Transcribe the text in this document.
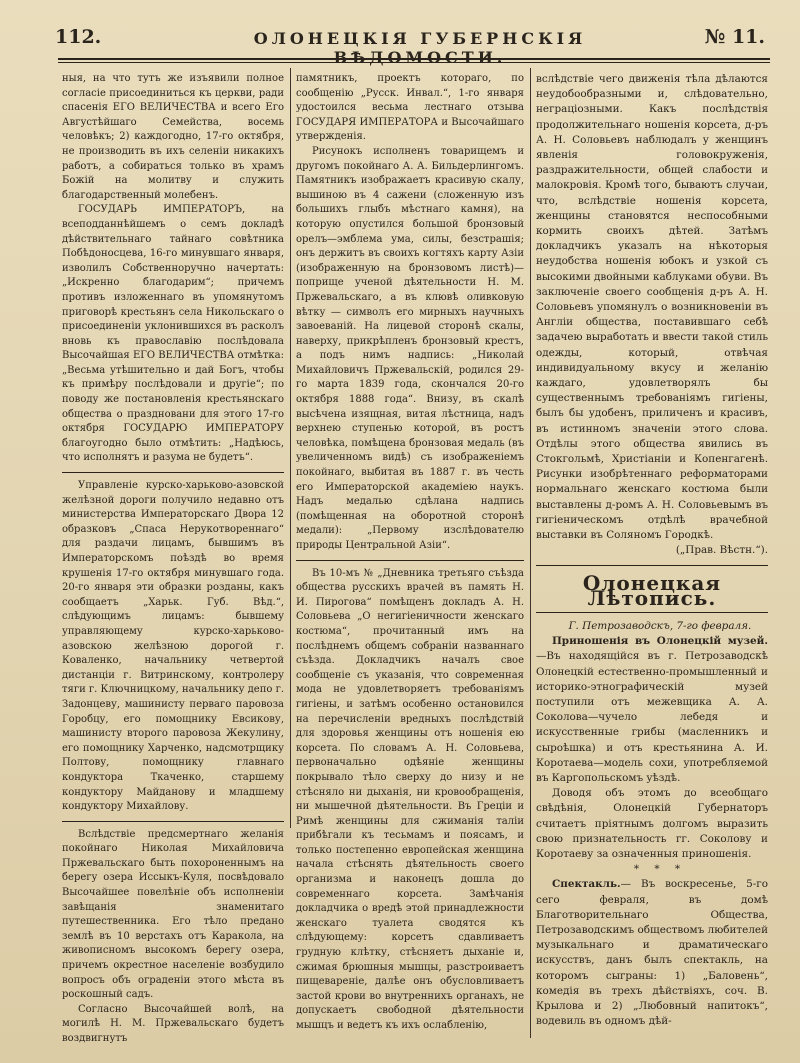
112.	ОЛОНЕЦКІЯ ГУБЕРНСКІЯ ВѢДОМОСТИ.
№ 11.

ныя, на что тутъ же изъявили полное согласіе присоединиться къ церкви, ради спасенія ЕГО ВЕЛИЧЕСТВА и всего Его Августѣйшаго Семейства, восемь человѣкъ; 2) каждогодно, 17-го октября, не производить въ ихъ селеніи никакихъ работъ, а собираться только въ храмъ Божій на молитву и служить благодарственный молебенъ.

ГОСУДАРЬ ИМПЕРАТОРЪ, на всеподданнѣйшемъ о семъ докладѣ дѣйствительнаго тайнаго совѣтника Побѣдоносцева, 16-го минувшаго января, изволилъ Собственноручно начертать: „Искренно благодарим“; причемъ противъ изложеннаго въ упомянутомъ приговорѣ крестьянъ села Никольскаго о присоединеніи уклонившихся въ расколъ вновь къ православію послѣдовала Высочайшая ЕГО ВЕЛИЧЕСТВА отмѣтка: „Весьма утѣшительно и дай Богъ, чтобы къ примѣру послѣдовали и другіе“; по поводу же постановленія крестьянскаго общества о праздновани для этого 17-го октября ГОСУДАРЮ ИМПЕРАТОРУ благоугодно было отмѣтить: „Надѣюсь, что исполнятъ и разума не будетъ“.

Управленіе курско-харьково-азовской желѣзной дороги получило недавно отъ министерства Императорскаго Двора 12 образковъ „Спаса Нерукотвореннаго“ для раздачи лицамъ, бывшимъ въ Императорскомъ поѣздѣ во время крушенія 17-го октября минувшаго года. 20-го января эти образки розданы, какъ сообщаетъ „Харьк. Губ. Вѣд.“, слѣдующимъ лицамъ: бывшему управляющему курско-харьково-азовскою желѣзною дорогой г. Коваленко, начальнику четвертой дистанціи г. Витринскому, контролеру тяги г. Ключницкому, начальнику депо г. Задонцеву, машинисту перваго паровоза Горобцу, его помощнику Евсикову, машинисту второго паровоза Жекулину, его помощнику Харченко, надсмотрщику Полтову, помощнику главнаго кондуктора Ткаченко, старшему кондуктору Майданову и младшему кондуктору Михайлову.

Вслѣдствіе предсмертнаго желанія покойнаго Николая Михайловича Пржевальскаго быть похороненнымъ на берегу озера Иссыкъ-Куля, посвѣдовало Высочайшее повелѣніе объ исполненіи завѣщанія знаменитаго путешественника. Его тѣло предано землѣ въ 10 верстахъ отъ Каракола, на живописномъ высокомъ берегу озера, причемъ окрестное населеніе возбудило вопросъ объ ограденіи этого мѣста въ роскошный садъ.

Согласно Высочайшей волѣ, на могилѣ Н. М. Пржевальскаго будетъ воздвигнутъ

памятникъ, проектъ котораго, по сообщенію „Русск. Инвал.“, 1-го января удостоился весьма лестнаго отзыва ГОСУДАРЯ ИМПЕРАТОРА и Высочайшаго утвержденія.

Рисунокъ исполненъ товарищемъ и другомъ покойнаго А. А. Бильдерлингомъ. Памятникъ изображаетъ красивую скалу, вышиною въ 4 сажени (сложенную изъ большихъ глыбъ мѣстнаго камня), на которую опустился большой бронзовый орелъ—эмблема ума, силы, безстрашія; онъ держитъ въ своихъ когтяхъ карту Азіи (изображенную на бронзовомъ листѣ)—поприще ученой дѣятельности Н. М. Пржевальскаго, а въ клювѣ оливковую вѣтку — символъ его мирныхъ научныхъ завоеваній. На лицевой сторонѣ скалы, наверху, прикрѣпленъ бронзовый крестъ, а подъ нимъ надпись: „Николай Михайловичъ Пржевальскій, родился 29-го марта 1839 года, скончался 20-го октября 1888 года“. Внизу, въ скалѣ высѣчена изящная, витая лѣстница, надъ верхнею ступенью которой, въ ростъ человѣка, помѣщена бронзовая медаль (въ увеличенномъ видѣ) съ изображеніемъ покойнаго, выбитая въ 1887 г. въ честь его Императорской академіею наукъ. Надъ медалью сдѣлана надпись (помѣщенная на оборотной сторонѣ медали): „Первому изслѣдователю природы Центральной Азіи“.

Въ 10-мъ № „Дневника третьяго съѣзда общества русскихъ врачей въ память Н. И. Пирогова“ помѣщенъ докладъ А. Н. Соловьева „О негигіеничности женскаго костюма“, прочитанный имъ на послѣднемъ общемъ собраніи названнаго съѣзда. Докладчикъ началъ свое сообщеніе съ указанія, что современная мода не удовлетворяетъ требованіямъ гигіены, и затѣмъ особенно остановился на перечисленіи вредныхъ послѣдствій для здоровья женщины отъ ношенія ею корсета. По словамъ А. Н. Соловьева, первоначально одѣяніе женщины покрывало тѣло сверху до низу и не стѣсняло ни дыханія, ни кровообращенія, ни мышечной дѣятельности. Въ Греціи и Римѣ женщины для сжиманія таліи прибѣгали къ тесьмамъ и поясамъ, и только постепенно европейская женщина начала стѣснять дѣятельность своего организма и наконецъ дошла до современнаго корсета. Замѣчанія докладчика о вредѣ этой принадлежности женскаго туалета сводятся къ слѣдующему: корсетъ сдавливаетъ грудную клѣтку, стѣсняетъ дыханіе и, сжимая брюшныя мышцы, разстроиваетъ пищевареніе, далѣе онъ обусловливаетъ застой крови во внутреннихъ органахъ, не допускаетъ свободной дѣятельности мышцъ и ведетъ къ ихъ ослабленію,

вслѣдствіе чего движенія тѣла дѣлаются неудобообразными и, слѣдовательно, неграціозными. Какъ послѣдствія продолжительнаго ношенія корсета, д-ръ А. Н. Соловьевъ наблюдалъ у женщинъ явленія головокруженія, раздражительности, общей слабости и малокровія. Кромѣ того, бываютъ случаи, что, вслѣдствіе ношенія корсета, женщины становятся неспособными кормить своихъ дѣтей. Затѣмъ докладчикъ указалъ на нѣкоторыя неудобства ношенія юбокъ и узкой съ высокими двойными каблуками обуви. Въ заключеніе своего сообщенія д-ръ А. Н. Соловьевъ упомянулъ о возникновеніи въ Англіи общества, поставившаго себѣ задачею выработать и ввести такой стиль одежды, который, отвѣчая индивидуальному вкусу и желанію каждаго, удовлетворялъ бы существеннымъ требованіямъ гигіены, былъ бы удобенъ, приличенъ и красивъ, въ истинномъ значеніи этого слова. Отдѣлы этого общества явились въ Стокгольмѣ, Христіаніи и Копенгагенѣ. Рисунки изобрѣтеннаго реформаторами нормальнаго женскаго костюма были выставлены д-ромъ А. Н. Соловьевымъ въ гигіеническомъ отдѣлѣ врачебной выставки въ Соляномъ Городкѣ.

(„Прав. Вѣстн.“).

Олонецкая Лѣтопись.

Г. Петрозаводскъ, 7-го февраля.

Приношенія въ Олонецкій музей.—Въ находящійся въ г. Петрозаводскѣ Олонецкій естественно-промышленный и историко-этнографическій музей поступили отъ межевщика А. А. Соколова—чучело лебедя и искусственные грибы (масленникъ и сыроѣшка) и отъ крестьянина А. И. Коротаева—модель сохи, употребляемой въ Каргопольскомъ уѣздѣ.

Доводя объ этомъ до всеобщаго свѣдѣнія, Олонецкій Губернаторъ считаетъ пріятнымъ долгомъ выразить свою признательность гг. Соколову и Коротаеву за означенныя приношенія.

* * *

Спектакль.— Въ воскресенье, 5-го сего февраля, въ домѣ Благотворительнаго Общества, Петрозаводскимъ обществомъ любителей музыкальнаго и драматическаго искусствъ, данъ былъ спектакль, на которомъ сыграны: 1) „Баловень“, комедія въ трехъ дѣйствіяхъ, соч. В. Крылова и 2) „Любовный напитокъ“, водевиль въ одномъ дѣй-
